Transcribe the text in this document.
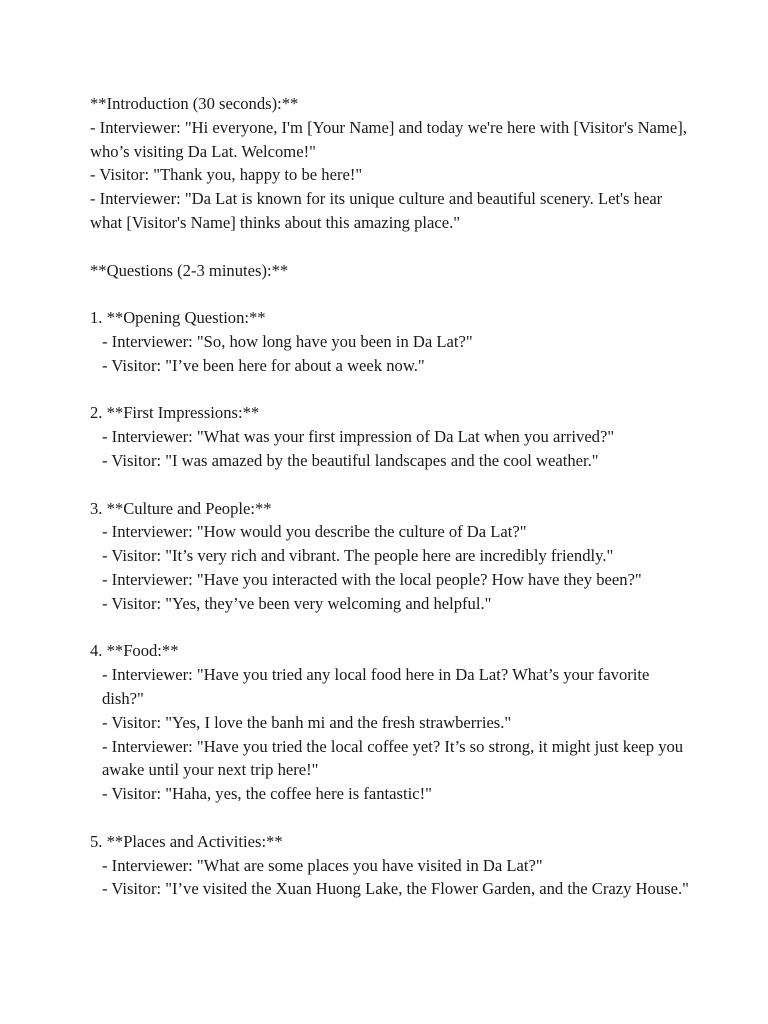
**Introduction (30 seconds):**

- Interviewer: "Hi everyone, I'm [Your Name] and today we're here with [Visitor's Name], who’s visiting Da Lat. Welcome!"

- Visitor: "Thank you, happy to be here!"

- Interviewer: "Da Lat is known for its unique culture and beautiful scenery. Let's hear what [Visitor's Name] thinks about this amazing place."

**Questions (2-3 minutes):**

1. **Opening Question:**

- Interviewer: "So, how long have you been in Da Lat?"

- Visitor: "I’ve been here for about a week now."

2. **First Impressions:**

- Interviewer: "What was your first impression of Da Lat when you arrived?"

- Visitor: "I was amazed by the beautiful landscapes and the cool weather."

3. **Culture and People:**

- Interviewer: "How would you describe the culture of Da Lat?"

- Visitor: "It’s very rich and vibrant. The people here are incredibly friendly."

- Interviewer: "Have you interacted with the local people? How have they been?"

- Visitor: "Yes, they’ve been very welcoming and helpful."

4. **Food:**

- Interviewer: "Have you tried any local food here in Da Lat? What’s your favorite dish?"

- Visitor: "Yes, I love the banh mi and the fresh strawberries."

- Interviewer: "Have you tried the local coffee yet? It’s so strong, it might just keep you awake until your next trip here!"

- Visitor: "Haha, yes, the coffee here is fantastic!"

5. **Places and Activities:**

- Interviewer: "What are some places you have visited in Da Lat?"

- Visitor: "I’ve visited the Xuan Huong Lake, the Flower Garden, and the Crazy House."
